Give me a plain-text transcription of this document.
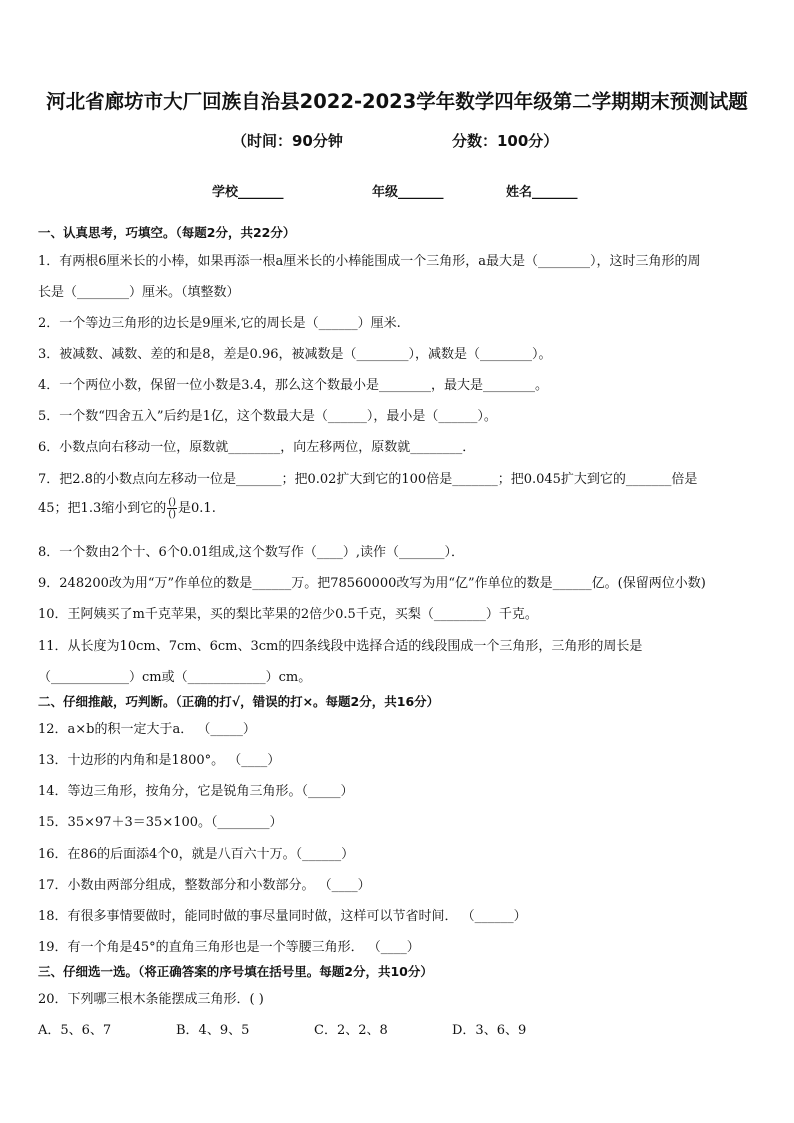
河北省廊坊市大厂回族自治县2022-2023学年数学四年级第二学期期末预测试题
（时间：90分钟	分数：100分）
学校_______	年级_______	姓名_______
一、认真思考，巧填空。（每题2分，共22分）
1．有两根6厘米长的小棒，如果再添一根a厘米长的小棒能围成一个三角形，a最大是（________），这时三角形的周
长是（________）厘米。（填整数）
2．一个等边三角形的边长是9厘米,它的周长是（______）厘米.
3．被减数、减数、差的和是8，差是0.96，被减数是（________），减数是（________）。
4．一个两位小数，保留一位小数是3.4，那么这个数最小是________，最大是________。
5．一个数“四舍五入”后约是1亿，这个数最大是（______），最小是（______）。
6．小数点向右移动一位，原数就________，向左移两位，原数就________．
7．把2.8的小数点向左移动一位是_______；把0.02扩大到它的100倍是_______；把0.045扩大到它的_______倍是
45；把1.3缩小到它的 $\frac{()}{()}$ 是0.1.
8．一个数由2个十、6个0.01组成,这个数写作（____）,读作（_______）．
9．248200改为用“万”作单位的数是______万。把78560000改写为用“亿”作单位的数是______亿。(保留两位小数)
10．王阿姨买了m千克苹果，买的梨比苹果的2倍少0.5千克，买梨（________）千克。
11．从长度为10cm、7cm、6cm、3cm的四条线段中选择合适的线段围成一个三角形，三角形的周长是
（____________）cm或（____________）cm。
二、仔细推敲，巧判断。（正确的打√，错误的打×。每题2分，共16分）
12．a×b的积一定大于a． （_____）
13．十边形的内角和是1800°。 （____）
14．等边三角形，按角分，它是锐角三角形。（_____）
15．35×97＋3＝35×100。（________）
16．在86的后面添4个0，就是八百六十万。（______）
17．小数由两部分组成，整数部分和小数部分。 （____）
18．有很多事情要做时，能同时做的事尽量同时做，这样可以节省时间． （______）
19．有一个角是45°的直角三角形也是一个等腰三角形． （____）
三、仔细选一选。（将正确答案的序号填在括号里。每题2分，共10分）
20．下列哪三根木条能摆成三角形．( )
A．5、6、7	B．4、9、5	C．2、2、8	D．3、6、9
